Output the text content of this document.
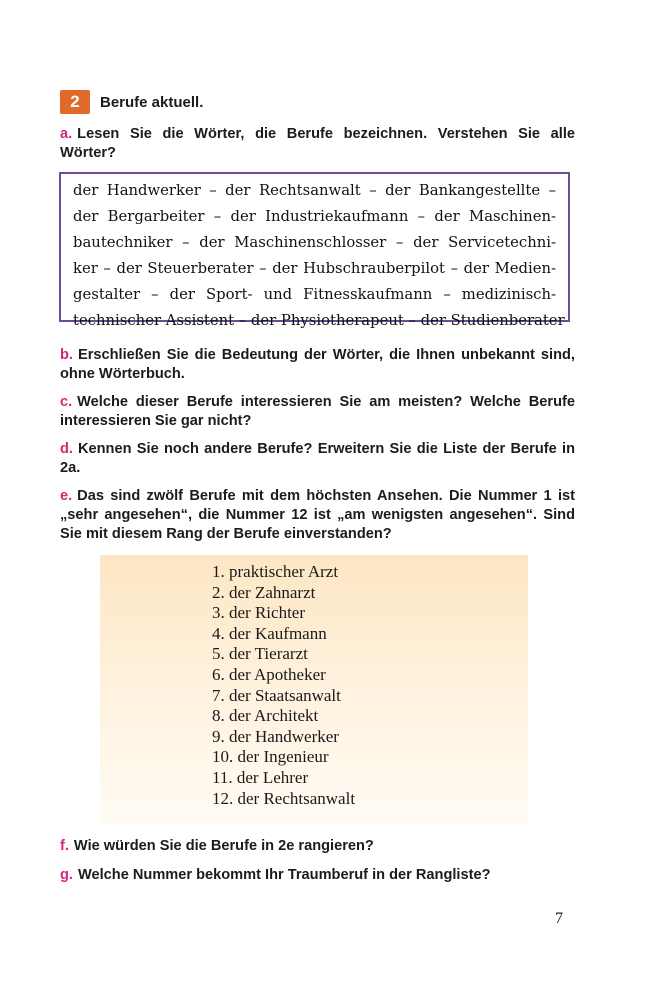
2	Berufe aktuell.
a. Lesen Sie die Wörter, die Berufe bezeichnen. Verstehen Sie alle Wörter?
der Handwerker – der Rechtsanwalt – der Bankangestellte –
der Bergarbeiter – der Industriekaufmann – der Maschinen-
bautechniker – der Maschinenschlosser – der Servicetechni-
ker – der Steuerberater – der Hubschrauberpilot – der Medien-
gestalter – der Sport- und Fitnesskaufmann – medizinisch-
technischer Assistent – der Physiotherapeut – der Studienberater
b. Erschließen Sie die Bedeutung der Wörter, die Ihnen unbekannt sind, ohne Wörterbuch.
c. Welche dieser Berufe interessieren Sie am meisten? Welche Berufe interessieren Sie gar nicht?
d. Kennen Sie noch andere Berufe? Erweitern Sie die Liste der Berufe in 2a.
e. Das sind zwölf Berufe mit dem höchsten Ansehen. Die Nummer 1 ist „sehr angesehen“, die Nummer 12 ist „am wenigsten angesehen“. Sind Sie mit diesem Rang der Berufe einverstanden?
1. praktischer Arzt
2. der Zahnarzt
3. der Richter
4. der Kaufmann
5. der Tierarzt
6. der Apotheker
7. der Staatsanwalt
8. der Architekt
9. der Handwerker
10. der Ingenieur
11. der Lehrer
12. der Rechtsanwalt
f. Wie würden Sie die Berufe in 2e rangieren?
g. Welche Nummer bekommt Ihr Traumberuf in der Rangliste?
7
